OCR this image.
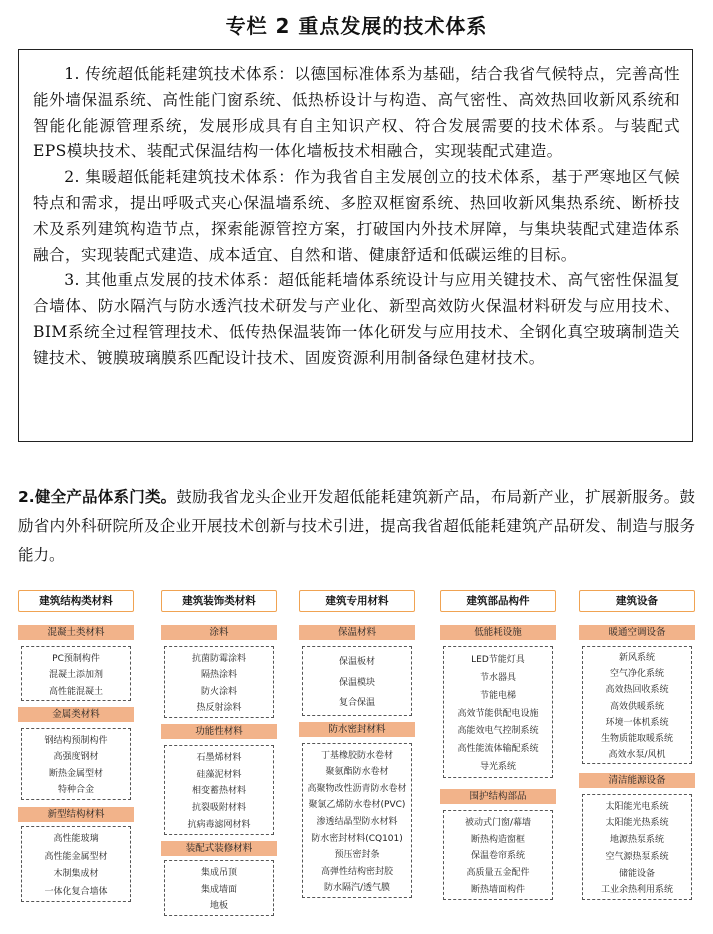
专栏 2 重点发展的技术体系

1. 传统超低能耗建筑技术体系：以德国标准体系为基础，结合我省气候特点，完善高性能外墙保温系统、高性能门窗系统、低热桥设计与构造、高气密性、高效热回收新风系统和智能化能源管理系统，发展形成具有自主知识产权、符合发展需要的技术体系。与装配式EPS模块技术、装配式保温结构一体化墙板技术相融合，实现装配式建造。

2. 集暖超低能耗建筑技术体系：作为我省自主发展创立的技术体系，基于严寒地区气候特点和需求，提出呼吸式夹心保温墙系统、多腔双框窗系统、热回收新风集热系统、断桥技术及系列建筑构造节点，探索能源管控方案，打破国内外技术屏障，与集块装配式建造体系融合，实现装配式建造、成本适宜、自然和谐、健康舒适和低碳运维的目标。

3. 其他重点发展的技术体系：超低能耗墙体系统设计与应用关键技术、高气密性保温复合墙体、防水隔汽与防水透汽技术研发与产业化、新型高效防火保温材料研发与应用技术、BIM系统全过程管理技术、低传热保温装饰一体化研发与应用技术、全钢化真空玻璃制造关键技术、镀膜玻璃膜系匹配设计技术、固废资源利用制备绿色建材技术。

2.健全产品体系门类。鼓励我省龙头企业开发超低能耗建筑新产品，布局新产业，扩展新服务。鼓励省内外科研院所及企业开展技术创新与技术引进，提高我省超低能耗建筑产品研发、制造与服务能力。
建筑结构类材料
混凝土类材料
PC预制构件
混凝土添加剂
高性能混凝土
金属类材料
钢结构预制构件
高强度钢材
断热金属型材
特种合金
新型结构材料
高性能玻璃
高性能金属型材
木制集成材
一体化复合墙体
建筑装饰类材料
涂料
抗菌防霉涂料
隔热涂料
防火涂料
热反射涂料
功能性材料
石墨烯材料
硅藻泥材料
相变蓄热材料
抗裂吸附材料
抗病毒滤网材料
装配式装修材料
集成吊顶
集成墙面
地板
建筑专用材料
保温材料
保温板材
保温模块
复合保温
防水密封材料
丁基橡胶防水卷材
聚氨酯防水卷材
高聚物改性沥青防水卷材
聚氯乙烯防水卷材(PVC)
渗透结晶型防水材料
防水密封材料(CQ101)
预压密封条
高弹性结构密封胶
防水隔汽/透气膜
建筑部品构件
低能耗设施
LED节能灯具
节水器具
节能电梯
高效节能供配电设施
高能效电气控制系统
高性能流体输配系统
导光系统
围护结构部品
被动式门窗/幕墙
断热构造窗框
保温卷帘系统
高质量五金配件
断热墙面构件
建筑设备
暖通空调设备
新风系统
空气净化系统
高效热回收系统
高效供暖系统
环境一体机系统
生物质能取暖系统
高效水泵/风机
清洁能源设备
太阳能光电系统
太阳能光热系统
地源热泵系统
空气源热泵系统
储能设备
工业余热利用系统
